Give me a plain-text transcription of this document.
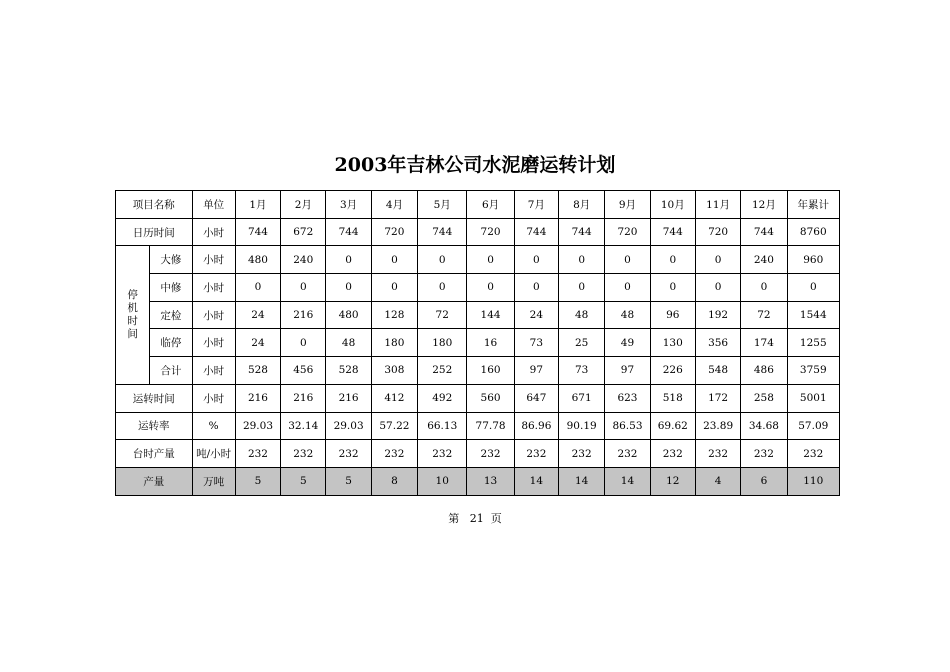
2003年吉林公司水泥磨运转计划
项目名称		单位	1月	2月	3月	4月	5月	6月	7月	8月	9月	10月	11月	12月	年累计
日历时间		小时	744	672	744	720	744	720	744	744	720	744	720	744	8760

停
机
时
间	大修	小时	480	240	0	0	0	0	0	0	0	0	0	240	960
	中修	小时	0	0	0	0	0	0	0	0	0	0	0	0	0
	定检	小时	24	216	480	128	72	144	24	48	48	96	192	72	1544
	临停	小时	24	0	48	180	180	16	73	25	49	130	356	174	1255
	合计	小时	528	456	528	308	252	160	97	73	97	226	548	486	3759
运转时间		小时	216	216	216	412	492	560	647	671	623	518	172	258	5001
运转率		%	29.03	32.14	29.03	57.22	66.13	77.78	86.96	90.19	86.53	69.62	23.89	34.68	57.09
台时产量		吨/小时	232	232	232	232	232	232	232	232	232	232	232	232	232
产量		万吨	5	5	5	8	10	13	14	14	14	12	4	6	110
第 21 页
